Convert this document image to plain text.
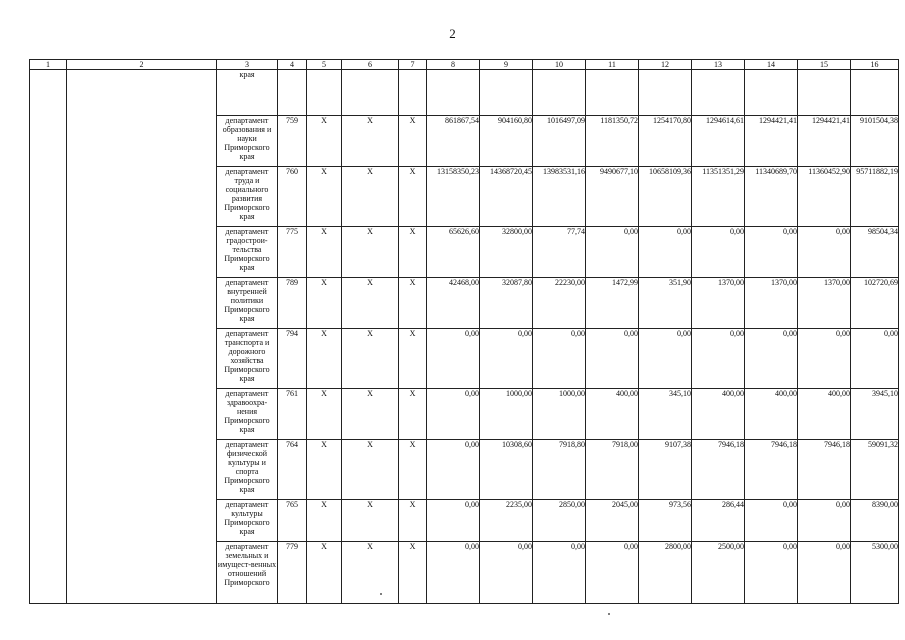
2
1	2	3	4	5	6	7	8	9	10	11	12	13	14	15	16
		края													
		департамент образования и науки Приморского края	759	Х	Х	Х	861867,54	904160,80	1016497,09	1181350,72	1254170,80	1294614,61	1294421,41	1294421,41	9101504,38
		департамент труда и социального развития Приморского края	760	Х	Х	Х	13158350,23	14368720,45	13983531,16	9490677,10	10658109,36	11351351,29	11340689,70	11360452,90	95711882,19
		департамент градострои-тельства Приморского края	775	Х	Х	Х	65626,60	32800,00	77,74	0,00	0,00	0,00	0,00	0,00	98504,34
		департамент внутренней политики Приморского края	789	Х	Х	Х	42468,00	32087,80	22230,00	1472,99	351,90	1370,00	1370,00	1370,00	102720,69
		департамент транспорта и дорожного хозяйства Приморского края	794	Х	Х	Х	0,00	0,00	0,00	0,00	0,00	0,00	0,00	0,00	0,00
		департамент здравоохра-нения Приморского края	761	Х	Х	Х	0,00	1000,00	1000,00	400,00	345,10	400,00	400,00	400,00	3945,10
		департамент физической культуры и спорта Приморского края	764	Х	Х	Х	0,00	10308,60	7918,80	7918,00	9107,38	7946,18	7946,18	7946,18	59091,32
		департамент культуры Приморского края	765	Х	Х	Х	0,00	2235,00	2850,00	2045,00	973,56	286,44	0,00	0,00	8390,00
		департамент земельных и имущест-венных отношений Приморского	779	Х	Х	Х	0,00	0,00	0,00	0,00	2800,00	2500,00	0,00	0,00	5300,00
